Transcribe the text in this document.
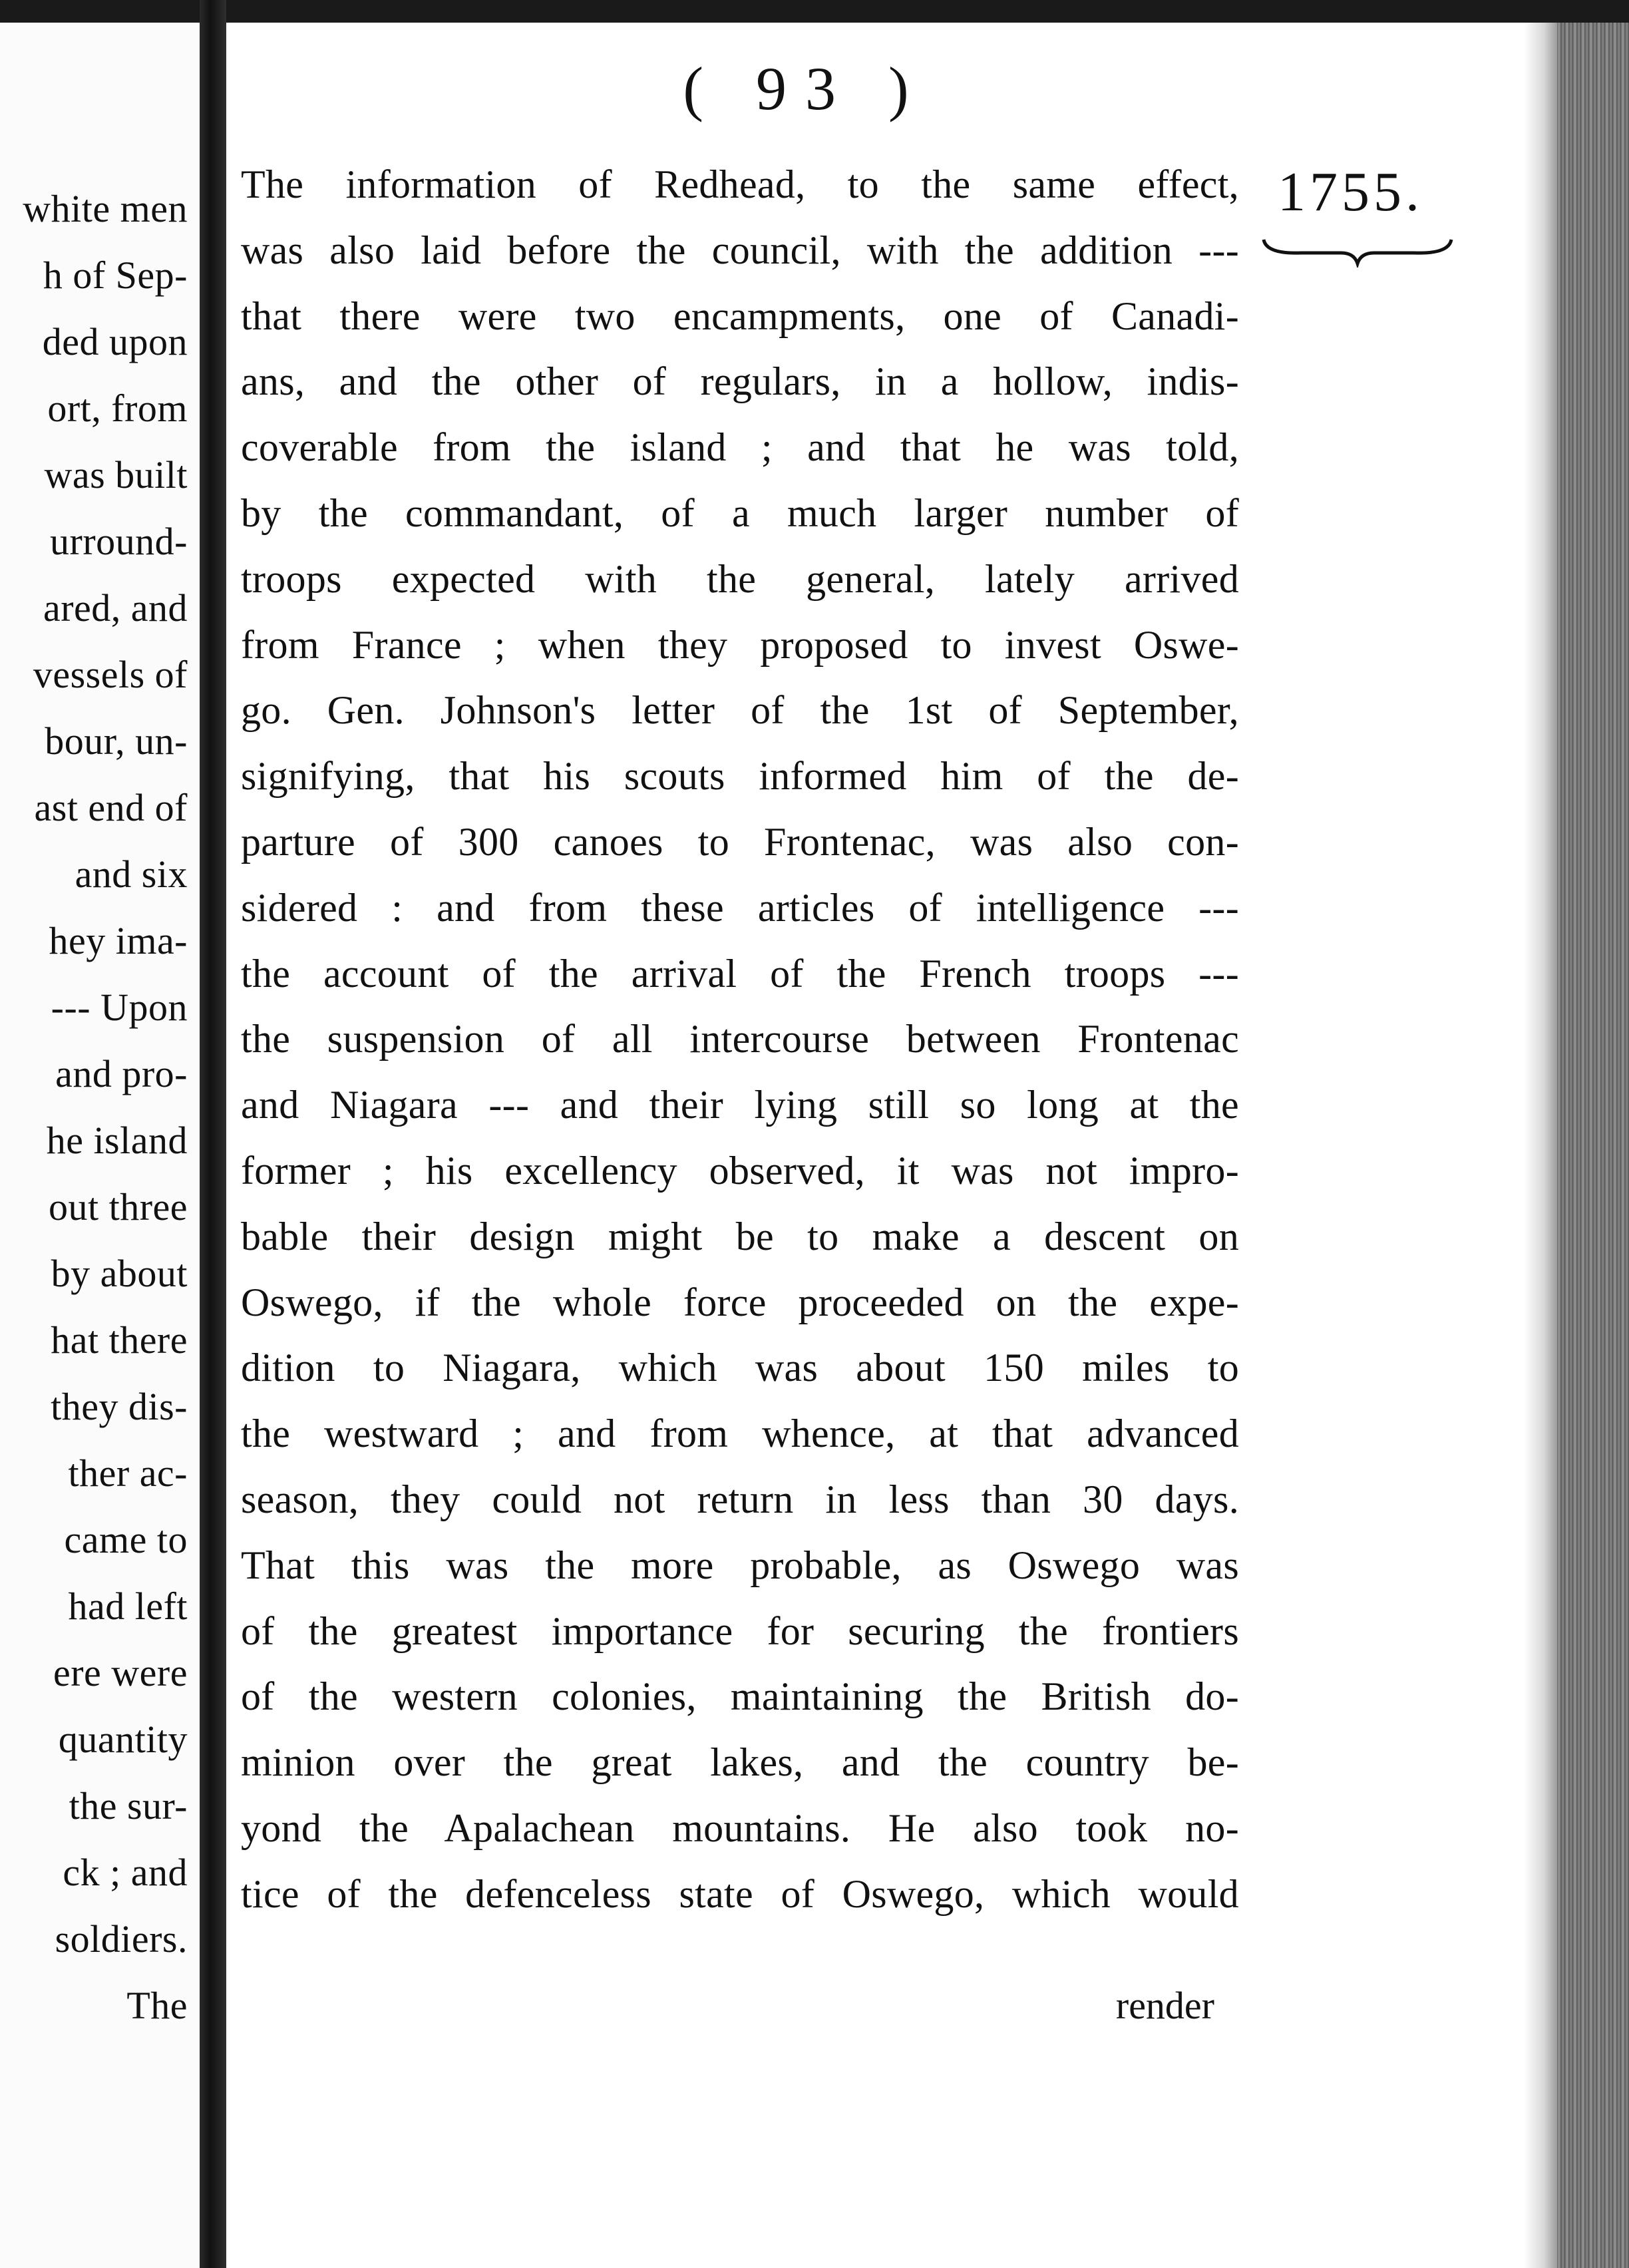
white men
h of Sep-
ded upon
ort, from
was built
urround-
ared, and
vessels of
bour, un-
ast end of
and six
hey ima-
--- Upon
and pro-
he island
out three
by about
hat there
they dis-
ther ac-
came to
had left
ere were
quantity
the sur-
ck ; and
soldiers.
The
( 93 )
1755.
The information of Redhead, to the same effect,
was also laid before the council, with the addition ---
that there were two encampments, one of Canadi-
ans, and the other of regulars, in a hollow, indis-
coverable from the island ; and that he was told,
by the commandant, of a much larger number of
troops expected with the general, lately arrived
from France ; when they proposed to invest Oswe-
go. Gen. Johnson's letter of the 1st of September,
signifying, that his scouts informed him of the de-
parture of 300 canoes to Frontenac, was also con-
sidered : and from these articles of intelligence ---
the account of the arrival of the French troops ---
the suspension of all intercourse between Frontenac
and Niagara --- and their lying still so long at the
former ; his excellency observed, it was not impro-
bable their design might be to make a descent on
Oswego, if the whole force proceeded on the expe-
dition to Niagara, which was about 150 miles to
the westward ; and from whence, at that advanced
season, they could not return in less than 30 days.
That this was the more probable, as Oswego was
of the greatest importance for securing the frontiers
of the western colonies, maintaining the British do-
minion over the great lakes, and the country be-
yond the Apalachean mountains. He also took no-
tice of the defenceless state of Oswego, which would
render
